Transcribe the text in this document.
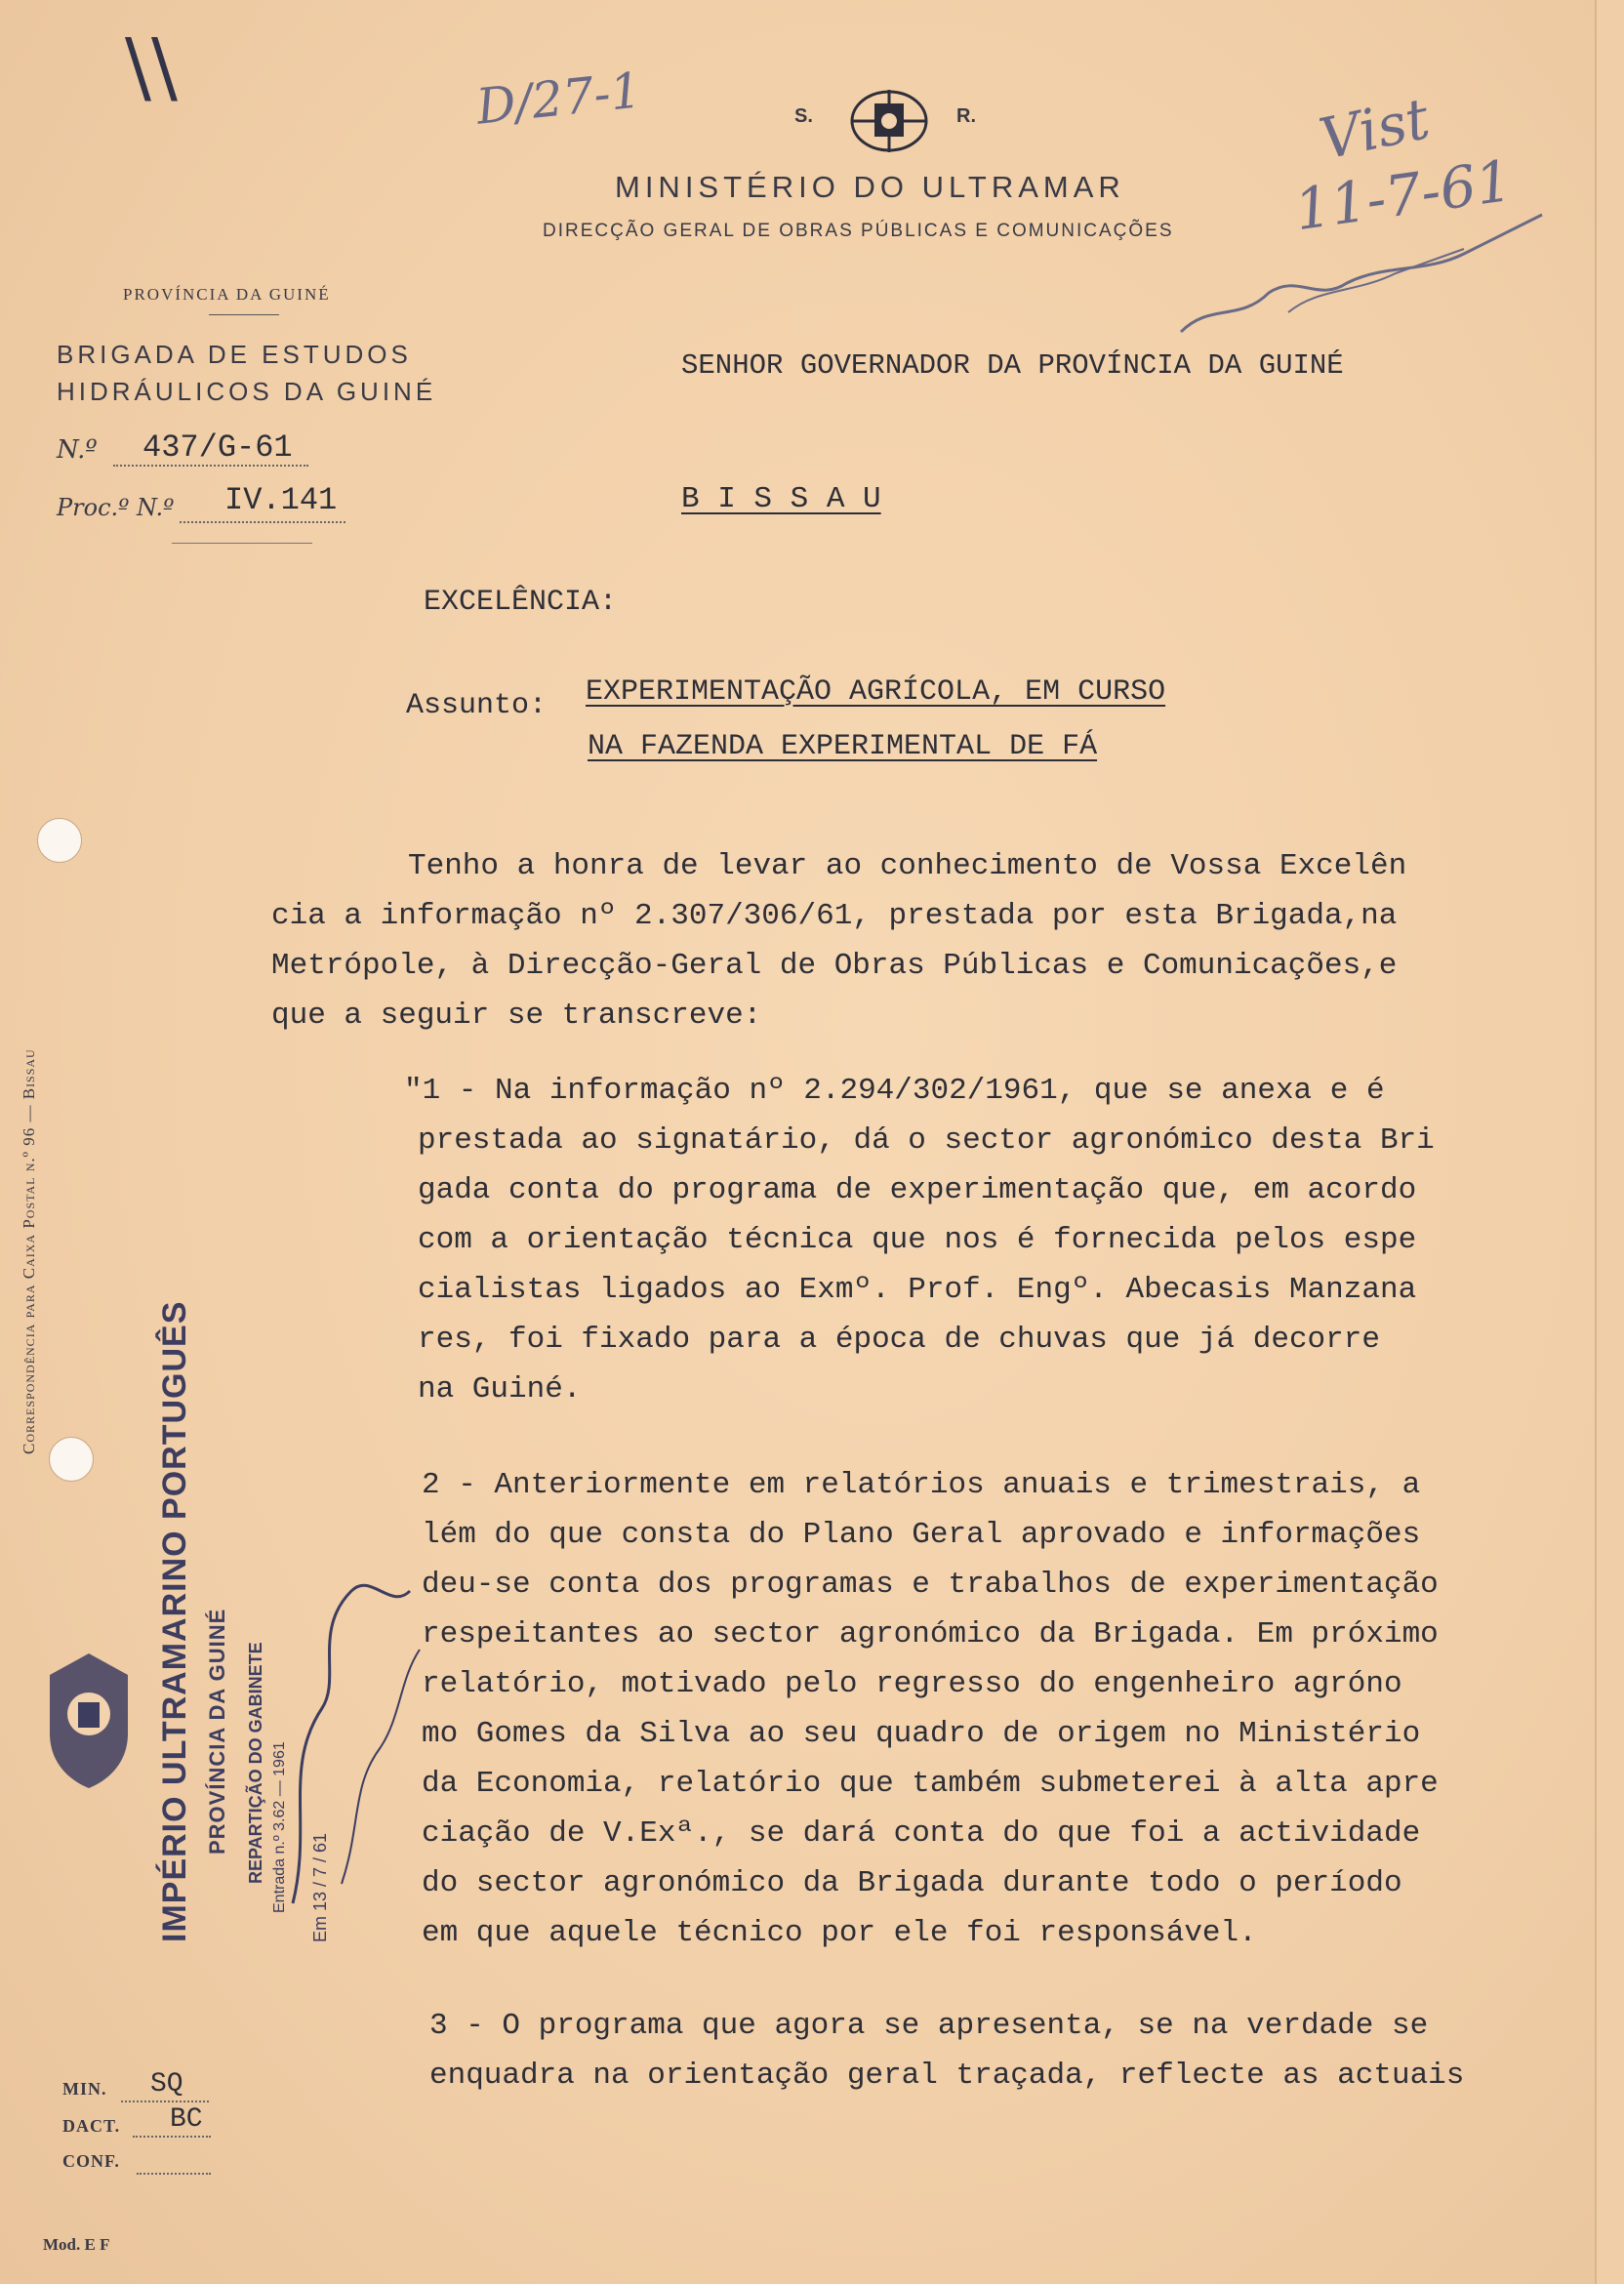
\\	D/27-1	Vist
11-7-61
S.	R.
MINISTÉRIO DO ULTRAMAR
DIRECÇÃO GERAL DE OBRAS PÚBLICAS E COMUNICAÇÕES
PROVÍNCIA DA GUINÉ
BRIGADA DE ESTUDOS
HIDRÁULICOS DA GUINÉ
N.º 437/G-61
Proc.º N.º IV.141
SENHOR GOVERNADOR DA PROVÍNCIA DA GUINÉ
B I S S A U
EXCELÊNCIA:
Assunto: EXPERIMENTAÇÃO AGRÍCOLA, EM CURSO
NA FAZENDA EXPERIMENTAL DE FÁ
Tenho a honra de levar ao conhecimento de Vossa Excelên
cia a informação nº 2.307/306/61, prestada por esta Brigada,na
Metrópole, à Direcção-Geral de Obras Públicas e Comunicações,e
que a seguir se transcreve:
"1 - Na informação nº 2.294/302/1961, que se anexa e é
prestada ao signatário, dá o sector agronómico desta Bri
gada conta do programa de experimentação que, em acordo
com a orientação técnica que nos é fornecida pelos espe
cialistas ligados ao Exmº. Prof. Engº. Abecasis Manzana
res, foi fixado para a época de chuvas que já decorre
na Guiné.
2 - Anteriormente em relatórios anuais e trimestrais, a
lém do que consta do Plano Geral aprovado e informações
deu-se conta dos programas e trabalhos de experimentação
respeitantes ao sector agronómico da Brigada. Em próximo
relatório, motivado pelo regresso do engenheiro agróno
mo Gomes da Silva ao seu quadro de origem no Ministério
da Economia, relatório que também submeterei à alta apre
ciação de V.Exª., se dará conta do que foi a actividade
do sector agronómico da Brigada durante todo o período
em que aquele técnico por ele foi responsável.
3 - O programa que agora se apresenta, se na verdade se
enquadra na orientação geral traçada, reflecte as actuais
Correspondência para Caixa Postal n.º 96 — Bissau
IMPÉRIO ULTRAMARINO PORTUGUÊS PROVÍNCIA DA GUINÉ REPARTIÇÃO DO GABINETE Entrada n.º 3.62 — 1961 Em 13 / 7 / 61
MIN. SQ
DACT. BC
CONF.
Mod. E F
